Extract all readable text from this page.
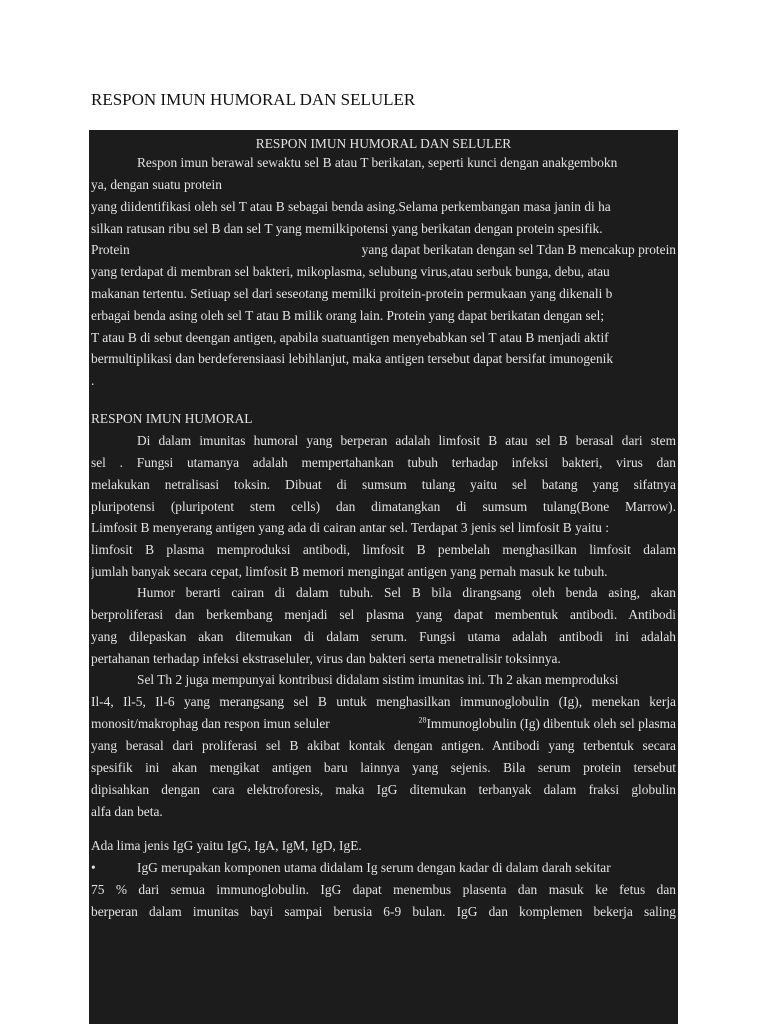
RESPON IMUN HUMORAL DAN SELULER
RESPON IMUN HUMORAL DAN SELULER
Respon imun berawal sewaktu sel B atau T berikatan, seperti kunci dengan anakgembokn
ya, dengan suatu protein
yang diidentifikasi oleh sel T atau B sebagai benda asing.Selama perkembangan masa janin di ha
silkan ratusan ribu sel B dan sel T yang memilkipotensi yang berikatan dengan protein spesifik.
Protein	yang dapat berikatan dengan sel Tdan B mencakup protein
yang terdapat di membran sel bakteri, mikoplasma, selubung virus,atau serbuk bunga, debu, atau
makanan tertentu. Setiuap sel dari seseotang memilki proitein-protein permukaan yang dikenali b
erbagai benda asing oleh sel T atau B milik orang lain. Protein yang dapat berikatan dengan sel;
T atau B di sebut deengan antigen, apabila suatuantigen menyebabkan sel T atau B menjadi aktif
bermultiplikasi dan berdeferensiaasi lebihlanjut, maka antigen tersebut dapat bersifat imunogenik
.
RESPON IMUN HUMORAL
Di dalam imunitas humoral yang berperan adalah limfosit B atau sel B berasal dari stem
sel . Fungsi utamanya adalah mempertahankan tubuh terhadap infeksi bakteri, virus dan
melakukan netralisasi toksin. Dibuat di sumsum tulang yaitu sel batang yang sifatnya
pluripotensi (pluripotent stem cells) dan dimatangkan di sumsum tulang(Bone Marrow).
Limfosit B menyerang antigen yang ada di cairan antar sel. Terdapat 3 jenis sel limfosit B yaitu :
limfosit B plasma memproduksi antibodi, limfosit B pembelah menghasilkan limfosit dalam
jumlah banyak secara cepat, limfosit B memori mengingat antigen yang pernah masuk ke tubuh.
Humor berarti cairan di dalam tubuh. Sel B bila dirangsang oleh benda asing, akan
berproliferasi dan berkembang menjadi sel plasma yang dapat membentuk antibodi. Antibodi
yang dilepaskan akan ditemukan di dalam serum. Fungsi utama adalah antibodi ini adalah
pertahanan terhadap infeksi ekstraseluler, virus dan bakteri serta menetralisir toksinnya.
Sel Th 2 juga mempunyai kontribusi didalam sistim imunitas ini. Th 2 akan memproduksi
Il-4, Il-5, Il-6 yang merangsang sel B untuk menghasilkan immunoglobulin (Ig), menekan kerja
monosit/makrophag dan respon imun seluler	$^{28}$Immunoglobulin (Ig) dibentuk oleh sel plasma
yang berasal dari proliferasi sel B akibat kontak dengan antigen. Antibodi yang terbentuk secara
spesifik ini akan mengikat antigen baru lainnya yang sejenis. Bila serum protein tersebut
dipisahkan dengan cara elektroforesis, maka IgG ditemukan terbanyak dalam fraksi globulin
alfa dan beta.
Ada lima jenis IgG yaitu IgG, IgA, IgM, IgD, IgE.
•	IgG merupakan komponen utama didalam Ig serum dengan kadar di dalam darah sekitar
75 % dari semua immunoglobulin. IgG dapat menembus plasenta dan masuk ke fetus dan
berperan dalam imunitas bayi sampai berusia 6-9 bulan. IgG dan komplemen bekerja saling
